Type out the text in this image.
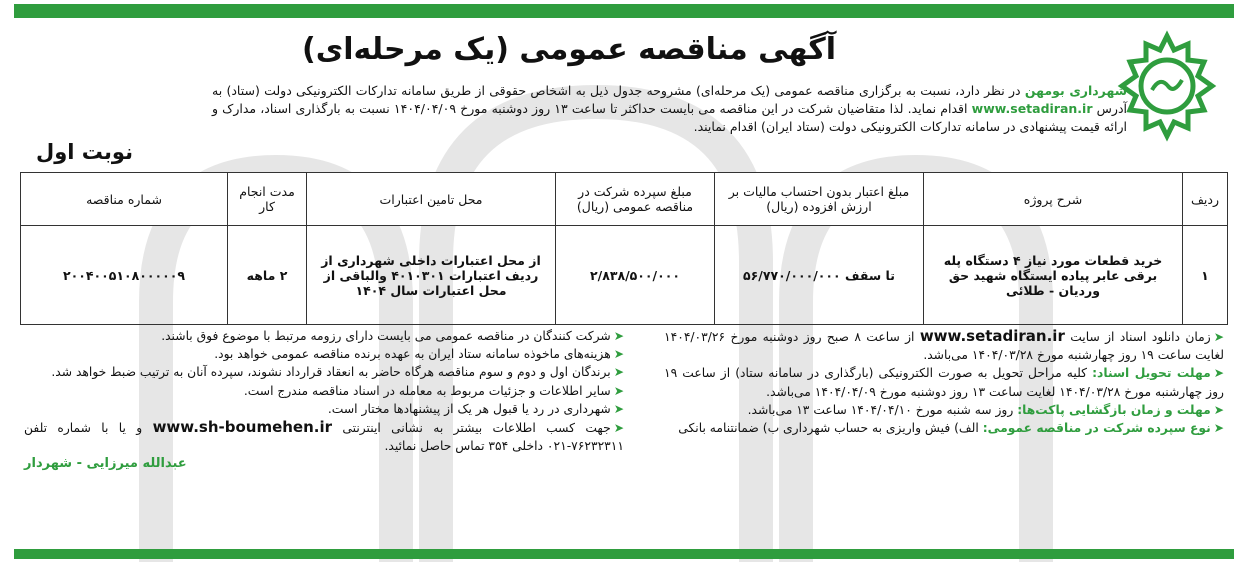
آگهی مناقصه عمومی (یک مرحله‌ای)
شهرداری بومهن در نظر دارد، نسبت به برگزاری مناقصه عمومی (یک مرحله‌ای) مشروحه جدول ذیل به اشخاص حقوقی از طریق سامانه تدارکات الکترونیکی دولت (ستاد) به آدرس www.setadiran.ir اقدام نماید. لذا متقاضیان شرکت در این مناقصه می بایست حداکثر تا ساعت ۱۳ روز دوشنبه مورخ ۱۴۰۴/۰۴/۰۹ نسبت به بارگذاری اسناد، مدارک و ارائه قیمت پیشنهادی در سامانه تدارکات الکترونیکی دولت (ستاد ایران) اقدام نمایند.
نوبت اول
ردیف	شرح پروژه	مبلغ اعتبار بدون احتساب مالیات بر ارزش افزوده (ریال)	مبلغ سپرده شرکت در مناقصه عمومی (ریال)	محل تامین اعتبارات	مدت انجام کار	شماره مناقصه
۱	خرید قطعات مورد نیاز ۴ دستگاه پله برقی عابر پیاده ایستگاه شهید حق وردیان - طلائی	تا سقف ۵۶/۷۷۰/۰۰۰/۰۰۰	۲/۸۳۸/۵۰۰/۰۰۰	از محل اعتبارات داخلی شهرداری از ردیف اعتبارات ۴۰۱۰۳۰۱ والباقی از محل اعتبارات سال ۱۴۰۴	۲ ماهه	۲۰۰۴۰۰۵۱۰۸۰۰۰۰۰۹
➤زمان دانلود اسناد از سایت www.setadiran.ir از ساعت ۸ صبح روز دوشنبه مورخ ۱۴۰۴/۰۳/۲۶ لغایت ساعت ۱۹ روز چهارشنبه مورخ ۱۴۰۴/۰۳/۲۸ می‌باشد.
➤مهلت تحویل اسناد: کلیه مراحل تحویل به صورت الکترونیکی (بارگذاری در سامانه ستاد) از ساعت ۱۹ روز چهارشنبه مورخ ۱۴۰۴/۰۳/۲۸ لغایت ساعت ۱۳ روز دوشنبه مورخ ۱۴۰۴/۰۴/۰۹ می‌باشد.
➤مهلت و زمان بازگشایی پاکت‌ها: روز سه شنبه مورخ ۱۴۰۴/۰۴/۱۰ ساعت ۱۳ می‌باشد.
➤نوع سپرده شرکت در مناقصه عمومی: الف) فیش واریزی به حساب شهرداری ب) ضمانتنامه بانکی
➤شرکت کنندگان در مناقصه عمومی می بایست دارای رزومه مرتبط با موضوع فوق باشند.
➤هزینه‌های ماخوذه سامانه ستاد ایران به عهده برنده مناقصه عمومی خواهد بود.
➤برندگان اول و دوم و سوم مناقصه هرگاه حاضر به انعقاد قرارداد نشوند، سپرده آنان به ترتیب ضبط خواهد شد.
➤سایر اطلاعات و جزئیات مربوط به معامله در اسناد مناقصه مندرج است.
➤شهرداری در رد یا قبول هر یک از پیشنهادها مختار است.
➤جهت کسب اطلاعات بیشتر به نشانی اینترنتی www.sh-boumehen.ir و یا با شماره تلفن ۷۶۲۳۲۳۱۱-۰۲۱ داخلی ۳۵۴ تماس حاصل نمائید.
عبدالله میرزایی - شهردار
